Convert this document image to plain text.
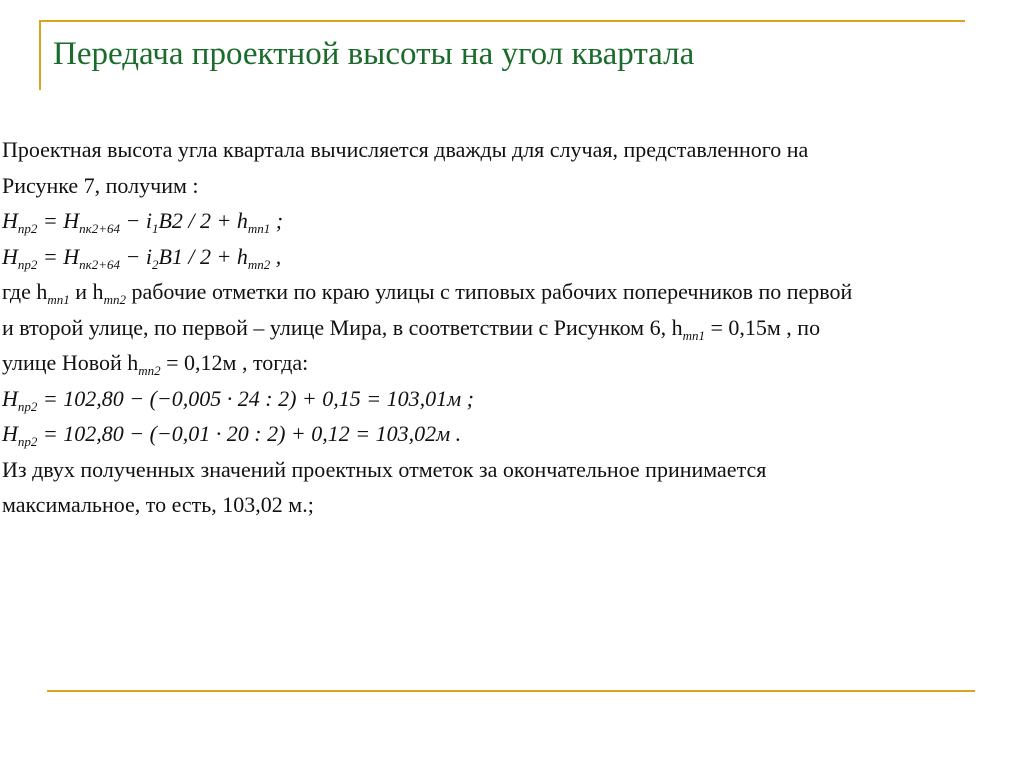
Передача проектной высоты на угол квартала
Проектная высота угла квартала вычисляется дважды для случая, представленного на
Рисунке 7, получим :
$H_{пр2} = H_{пк2+64} - i_1B2 / 2 + h_{тп1}$ ;
$H_{пр2} = H_{пк2+64} - i_2B1 / 2 + h_{тп2}$ ,
где $h_{тп1}$ и $h_{тп2}$ рабочие отметки по краю улицы с типовых рабочих поперечников по первой
и второй улице, по первой – улице Мира, в соответствии с Рисунком 6, $h_{тп1} = 0,15м$ , по
улице Новой $h_{тп2} = 0,12м$ , тогда:
$H_{пр2} = 102,80 - (-0,005 \cdot 24$ : 2) + 0,15 = 103,01м ;
$H_{пр2} = 102,80 - (-0,01 \cdot 20$ : 2) + 0,12 = 103,02м .
Из двух полученных значений проектных отметок за окончательное принимается
максимальное, то есть, 103,02 м.;
